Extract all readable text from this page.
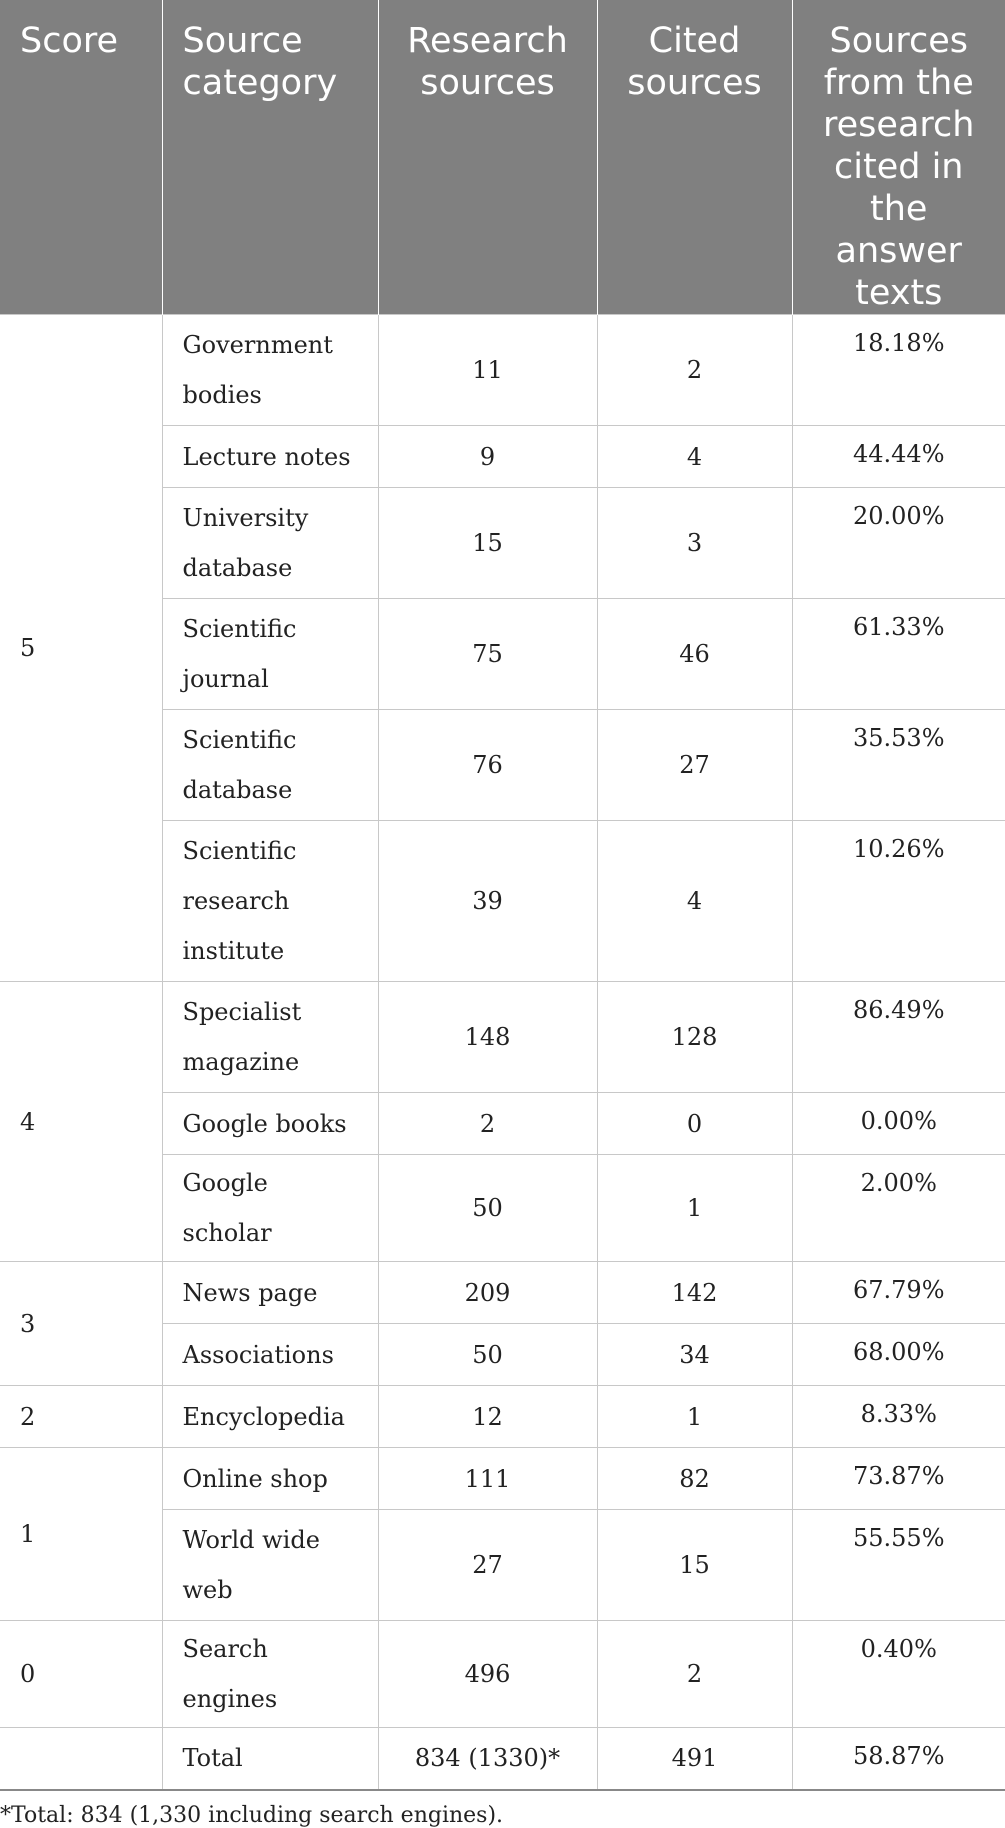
Score	Source category	Research sources	Cited sources	Sources from the research cited in the answer texts
5	Government bodies	11	2	18.18%
	Lecture notes	9	4	44.44%
	University database	15	3	20.00%
	Scientific journal	75	46	61.33%
	Scientific database	76	27	35.53%
	Scientific research institute	39	4	10.26%
4	Specialist magazine	148	128	86.49%
	Google books	2	0	0.00%
	Google scholar	50	1	2.00%
3	News page	209	142	67.79%
	Associations	50	34	68.00%
2	Encyclopedia	12	1	8.33%
1	Online shop	111	82	73.87%
	World wide web	27	15	55.55%
0	Search engines	496	2	0.40%
	Total	834 (1330)*	491	58.87%
*Total: 834 (1,330 including search engines).
